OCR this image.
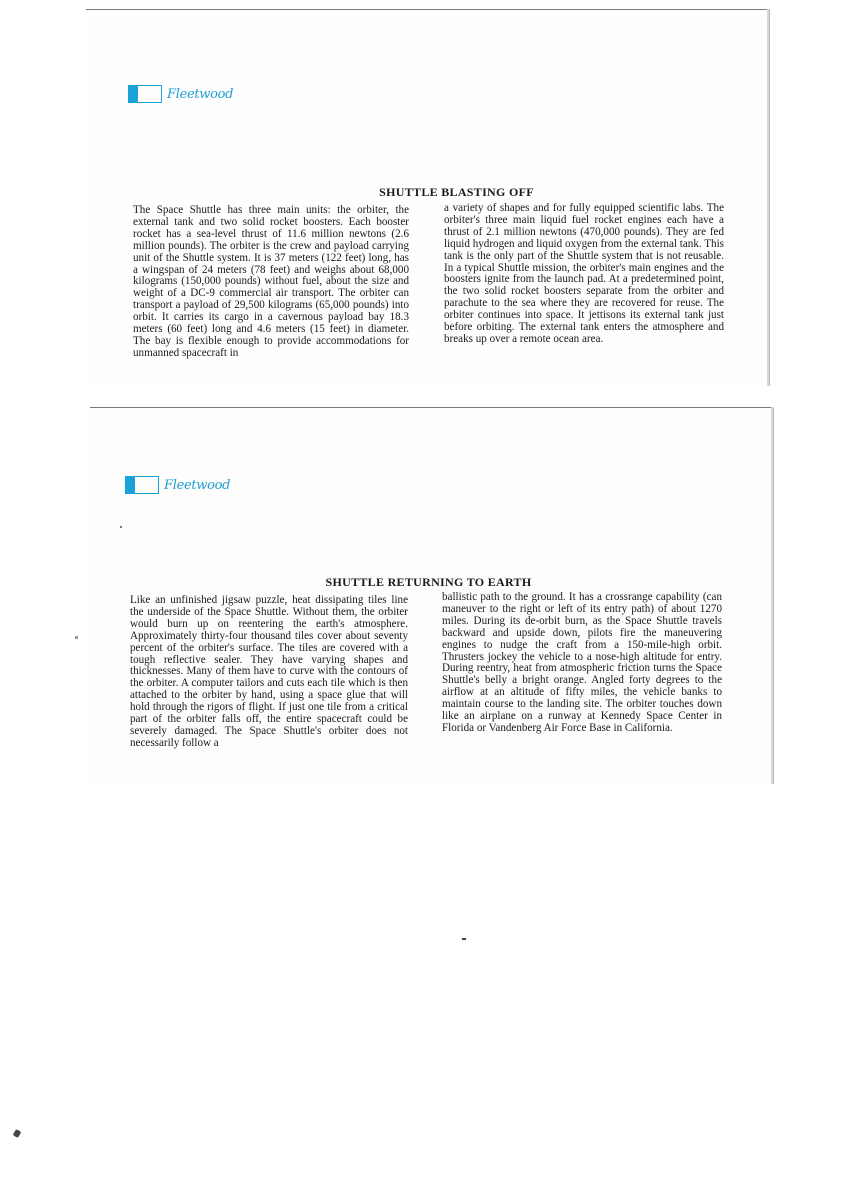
Fleetwood
SHUTTLE BLASTING OFF
The Space Shuttle has three main units: the orbiter, the external tank and two solid rocket boosters. Each booster rocket has a sea-level thrust of 11.6 million newtons (2.6 million pounds). The orbiter is the crew and payload carrying unit of the Shuttle system. It is 37 meters (122 feet) long, has a wingspan of 24 meters (78 feet) and weighs about 68,000 kilograms (150,000 pounds) without fuel, about the size and weight of a DC-9 commercial air transport. The orbiter can transport a payload of 29,500 kilograms (65,000 pounds) into orbit. It carries its cargo in a cavernous payload bay 18.3 meters (60 feet) long and 4.6 meters (15 feet) in diameter. The bay is flexible enough to provide accommodations for unmanned spacecraft in
a variety of shapes and for fully equipped scientific labs. The orbiter's three main liquid fuel rocket engines each have a thrust of 2.1 million newtons (470,000 pounds). They are fed liquid hydrogen and liquid oxygen from the external tank. This tank is the only part of the Shuttle system that is not reusable. In a typical Shuttle mission, the orbiter's main engines and the boosters ignite from the launch pad. At a predetermined point, the two solid rocket boosters separate from the orbiter and parachute to the sea where they are recovered for reuse. The orbiter continues into space. It jettisons its external tank just before orbiting. The external tank enters the atmosphere and breaks up over a remote ocean area.
Fleetwood
SHUTTLE RETURNING TO EARTH
Like an unfinished jigsaw puzzle, heat dissipating tiles line the underside of the Space Shuttle. Without them, the orbiter would burn up on reentering the earth's atmosphere. Approximately thirty-four thousand tiles cover about seventy percent of the orbiter's surface. The tiles are covered with a tough reflective sealer. They have varying shapes and thicknesses. Many of them have to curve with the contours of the orbiter. A computer tailors and cuts each tile which is then attached to the orbiter by hand, using a space glue that will hold through the rigors of flight. If just one tile from a critical part of the orbiter falls off, the entire spacecraft could be severely damaged. The Space Shuttle's orbiter does not necessarily follow a
ballistic path to the ground. It has a crossrange capability (can maneuver to the right or left of its entry path) of about 1270 miles. During its de-orbit burn, as the Space Shuttle travels backward and upside down, pilots fire the maneuvering engines to nudge the craft from a 150-mile-high orbit. Thrusters jockey the vehicle to a nose-high altitude for entry. During reentry, heat from atmospheric friction turns the Space Shuttle's belly a bright orange. Angled forty degrees to the airflow at an altitude of fifty miles, the vehicle banks to maintain course to the landing site. The orbiter touches down like an airplane on a runway at Kennedy Space Center in Florida or Vandenberg Air Force Base in California.
